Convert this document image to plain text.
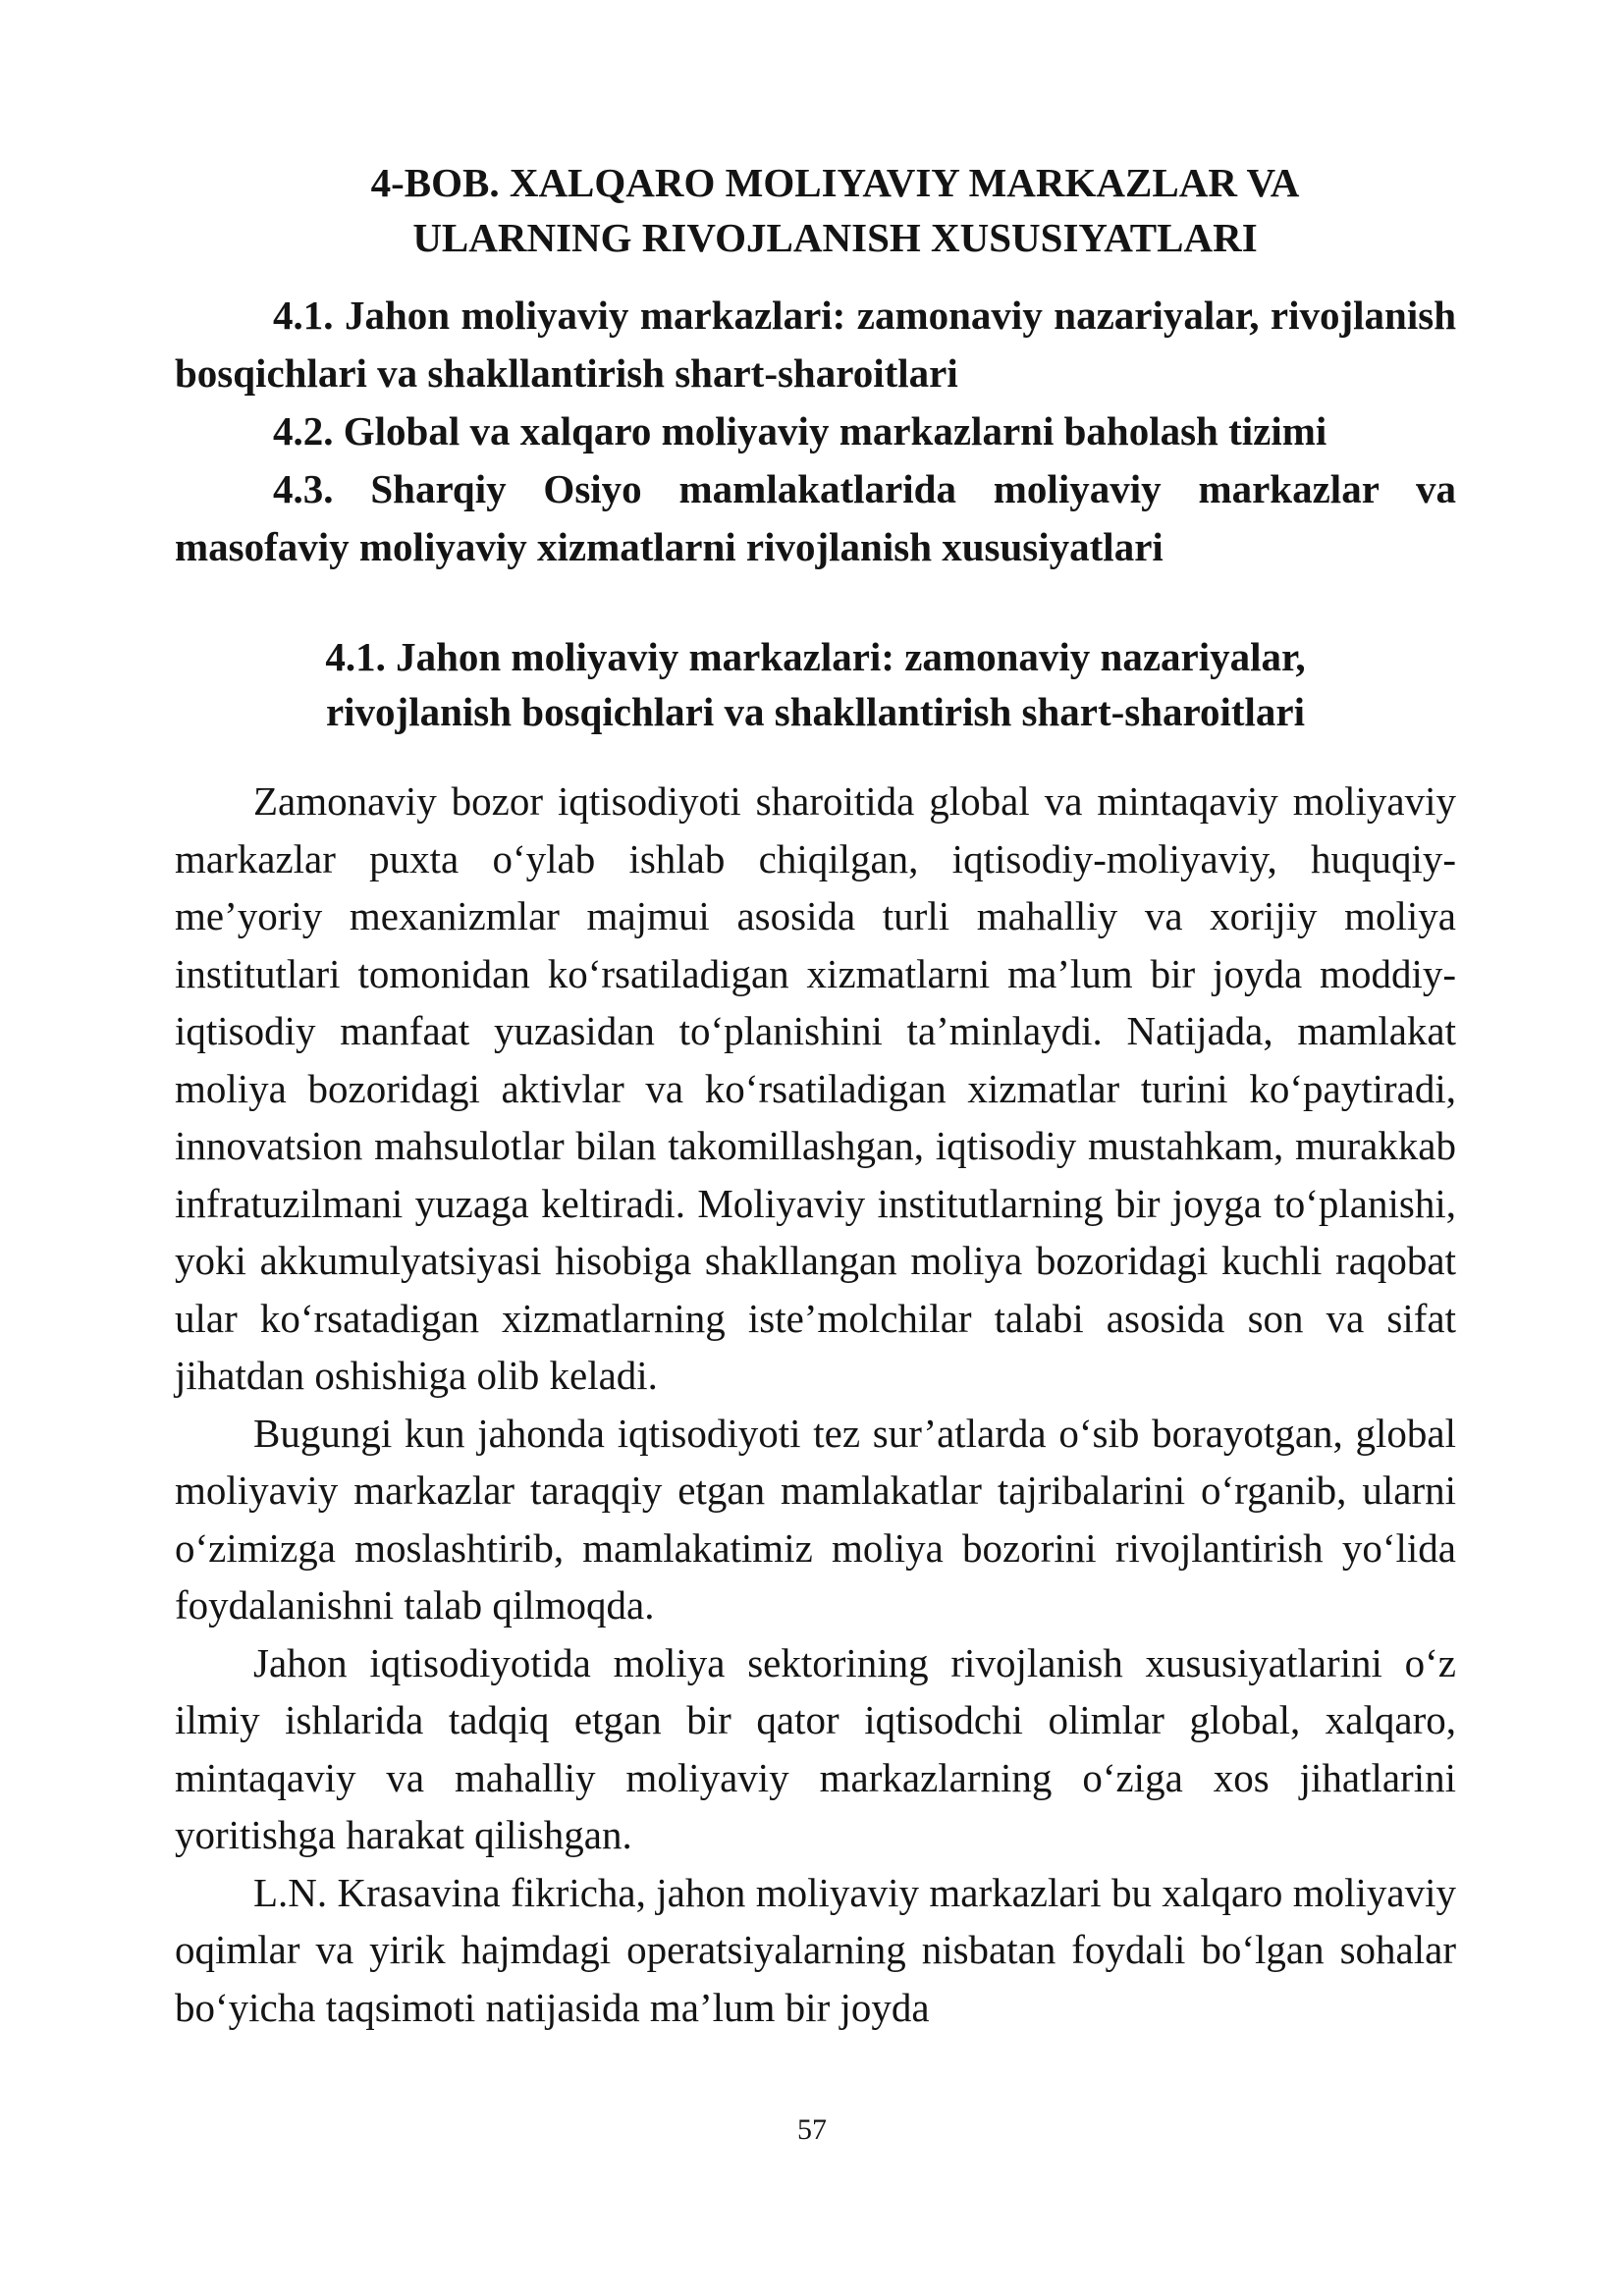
4-BOB. XALQARO MOLIYAVIY MARKAZLAR VA
ULARNING RIVOJLANISH XUSUSIYATLARI

4.1. Jahon moliyaviy markazlari: zamonaviy nazariyalar, rivojlanish bosqichlari va shakllantirish shart-sharoitlari

4.2. Global va xalqaro moliyaviy markazlarni baholash tizimi

4.3. Sharqiy Osiyo mamlakatlarida moliyaviy markazlar va masofaviy moliyaviy xizmatlarni rivojlanish xususiyatlari

4.1. Jahon moliyaviy markazlari: zamonaviy nazariyalar,
rivojlanish bosqichlari va shakllantirish shart-sharoitlari

Zamonaviy bozor iqtisodiyoti sharoitida global va mintaqaviy moliyaviy markazlar puxta o‘ylab ishlab chiqilgan, iqtisodiy-moliyaviy, huquqiy-me’yoriy mexanizmlar majmui asosida turli mahalliy va xorijiy moliya institutlari tomonidan ko‘rsatiladigan xizmatlarni ma’lum bir joyda moddiy-iqtisodiy manfaat yuzasidan to‘planishini ta’minlaydi. Natijada, mamlakat moliya bozoridagi aktivlar va ko‘rsatiladigan xizmatlar turini ko‘paytiradi, innovatsion mahsulotlar bilan takomillashgan, iqtisodiy mustahkam, murakkab infratuzilmani yuzaga keltiradi. Moliyaviy institutlarning bir joyga to‘planishi, yoki akkumulyatsiyasi hisobiga shakllangan moliya bozoridagi kuchli raqobat ular ko‘rsatadigan xizmatlarning iste’molchilar talabi asosida son va sifat jihatdan oshishiga olib keladi.

Bugungi kun jahonda iqtisodiyoti tez sur’atlarda o‘sib borayotgan, global moliyaviy markazlar taraqqiy etgan mamlakatlar tajribalarini o‘rganib, ularni o‘zimizga moslashtirib, mamlakatimiz moliya bozorini rivojlantirish yo‘lida foydalanishni talab qilmoqda.

Jahon iqtisodiyotida moliya sektorining rivojlanish xususiyatlarini o‘z ilmiy ishlarida tadqiq etgan bir qator iqtisodchi olimlar global, xalqaro, mintaqaviy va mahalliy moliyaviy markazlarning o‘ziga xos jihatlarini yoritishga harakat qilishgan.

L.N. Krasavina fikricha, jahon moliyaviy markazlari bu xalqaro moliyaviy oqimlar va yirik hajmdagi operatsiyalarning nisbatan foydali bo‘lgan sohalar bo‘yicha taqsimoti natijasida ma’lum bir joyda

57
